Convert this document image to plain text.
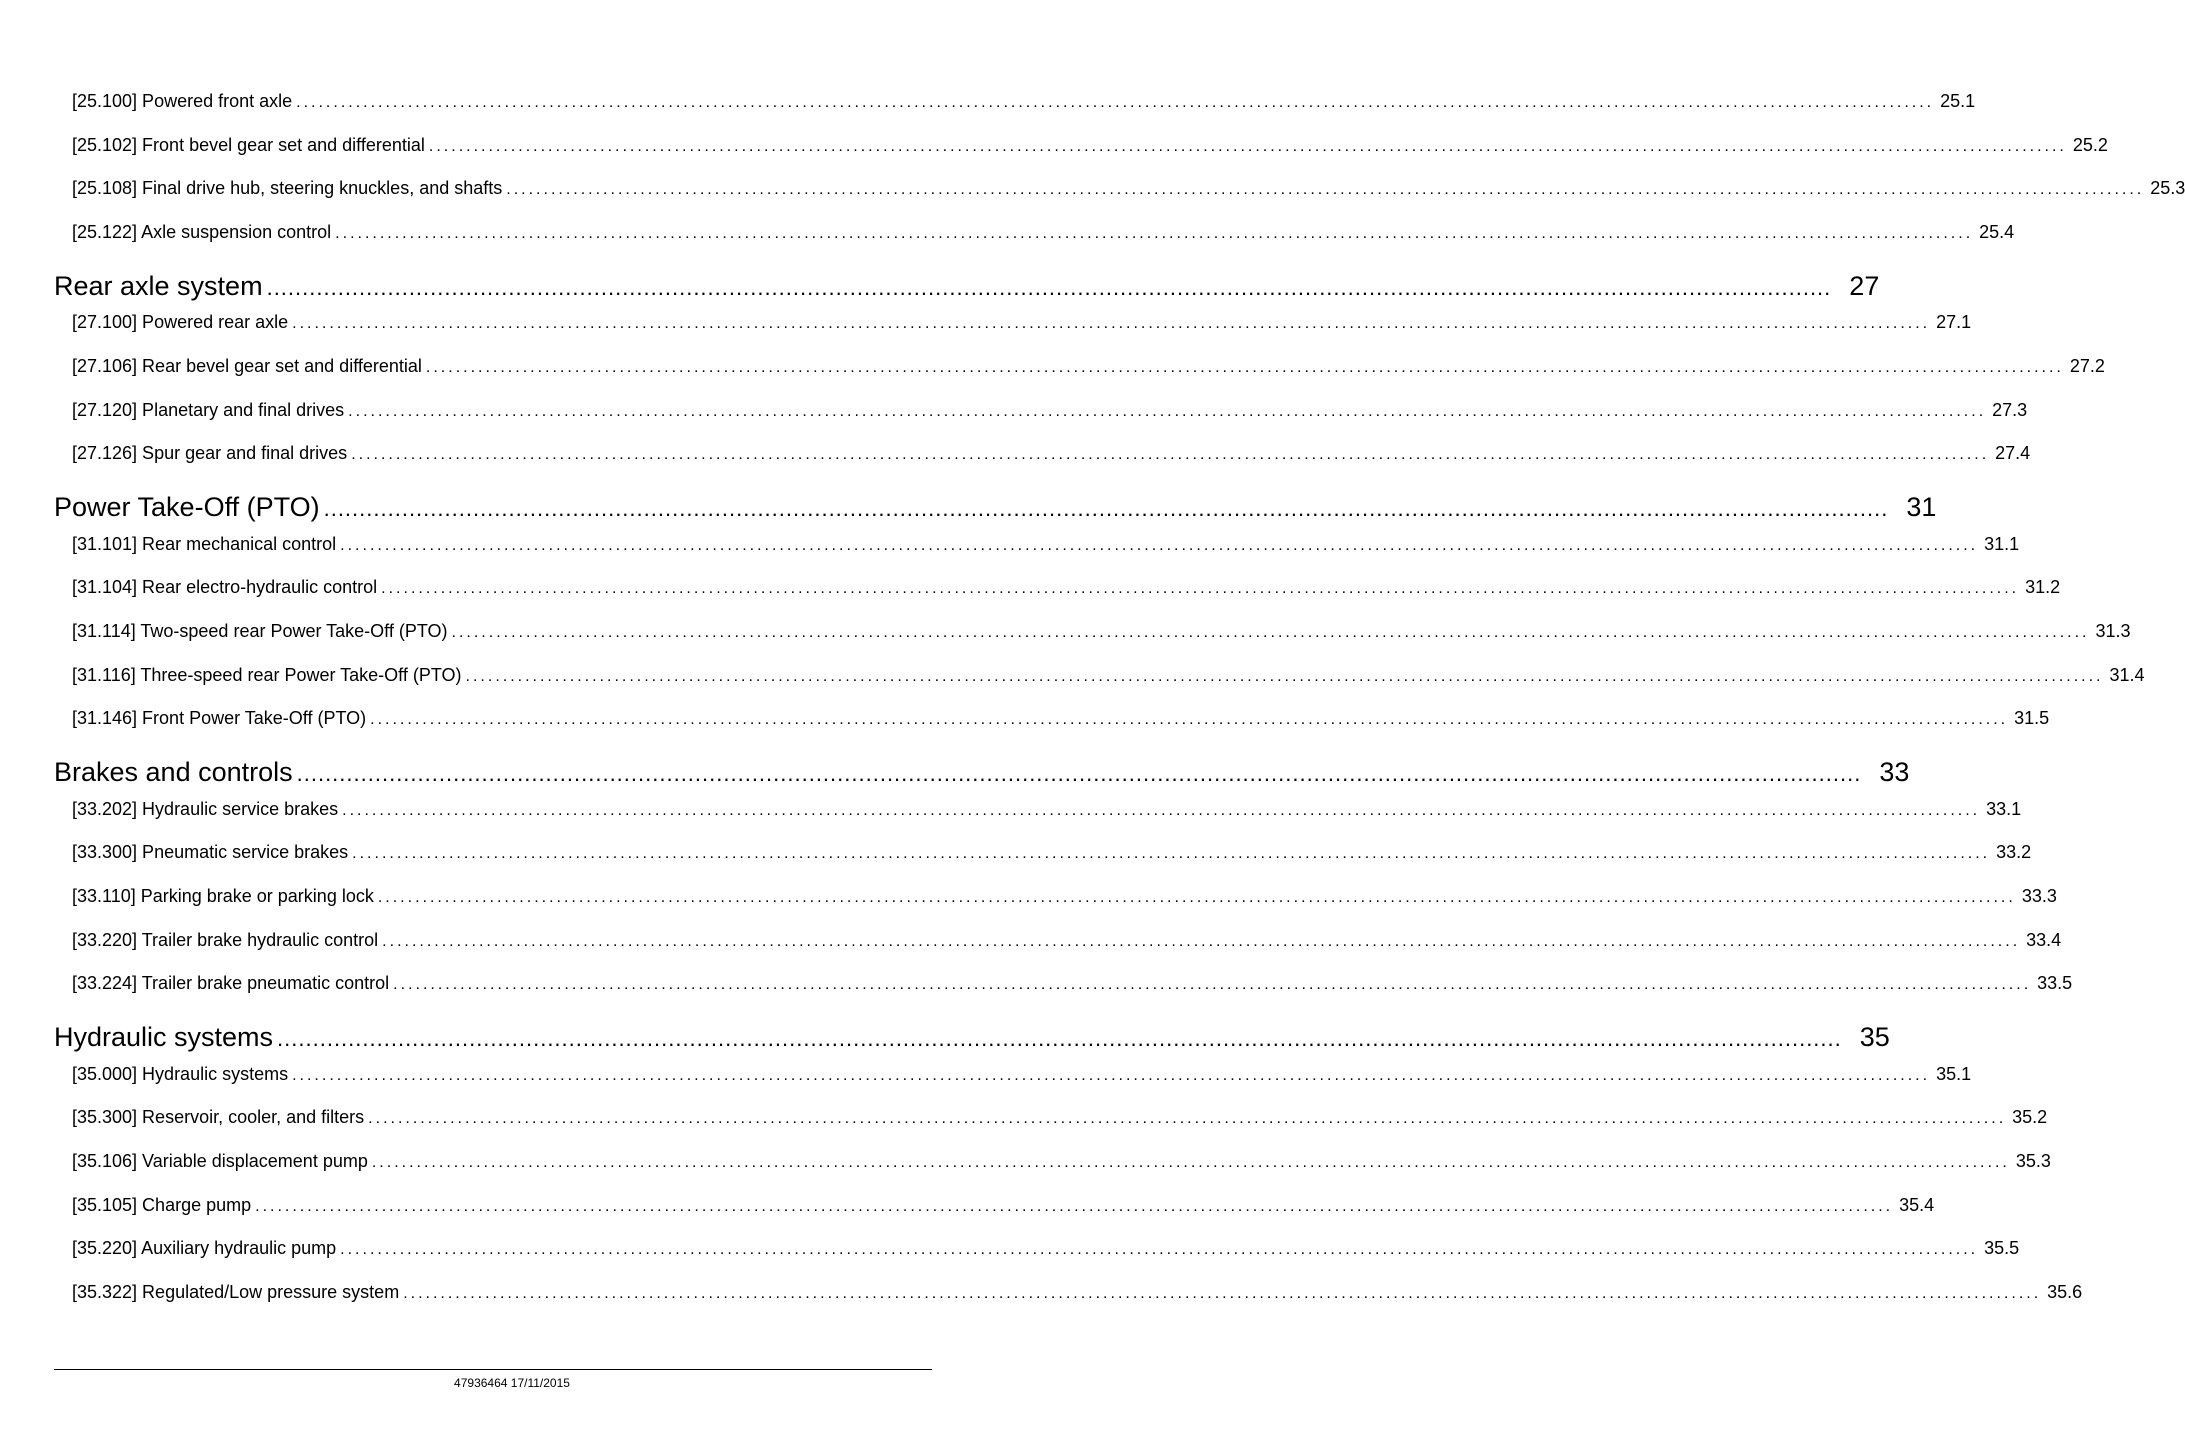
[25.100] Powered front axle ............................................................................................................................................................................................................................ 25.1
[25.102] Front bevel gear set and differential ............................................................................................................................................................................................................................ 25.2
[25.108] Final drive hub, steering knuckles, and shafts ............................................................................................................................................................................................................................ 25.3
[25.122] Axle suspension control ............................................................................................................................................................................................................................ 25.4
Rear axle system ............................................................................................................................................................................................................................ 27
[27.100] Powered rear axle ............................................................................................................................................................................................................................ 27.1
[27.106] Rear bevel gear set and differential ............................................................................................................................................................................................................................ 27.2
[27.120] Planetary and final drives ............................................................................................................................................................................................................................ 27.3
[27.126] Spur gear and final drives ............................................................................................................................................................................................................................ 27.4
Power Take-Off (PTO) ............................................................................................................................................................................................................................ 31
[31.101] Rear mechanical control ............................................................................................................................................................................................................................ 31.1
[31.104] Rear electro-hydraulic control ............................................................................................................................................................................................................................ 31.2
[31.114] Two-speed rear Power Take-Off (PTO) ............................................................................................................................................................................................................................ 31.3
[31.116] Three-speed rear Power Take-Off (PTO) ............................................................................................................................................................................................................................ 31.4
[31.146] Front Power Take-Off (PTO) ............................................................................................................................................................................................................................ 31.5
Brakes and controls ............................................................................................................................................................................................................................ 33
[33.202] Hydraulic service brakes ............................................................................................................................................................................................................................ 33.1
[33.300] Pneumatic service brakes ............................................................................................................................................................................................................................ 33.2
[33.110] Parking brake or parking lock ............................................................................................................................................................................................................................ 33.3
[33.220] Trailer brake hydraulic control ............................................................................................................................................................................................................................ 33.4
[33.224] Trailer brake pneumatic control ............................................................................................................................................................................................................................ 33.5
Hydraulic systems ............................................................................................................................................................................................................................ 35
[35.000] Hydraulic systems ............................................................................................................................................................................................................................ 35.1
[35.300] Reservoir, cooler, and filters ............................................................................................................................................................................................................................ 35.2
[35.106] Variable displacement pump ............................................................................................................................................................................................................................ 35.3
[35.105] Charge pump ............................................................................................................................................................................................................................ 35.4
[35.220] Auxiliary hydraulic pump ............................................................................................................................................................................................................................ 35.5
[35.322] Regulated/Low pressure system ............................................................................................................................................................................................................................ 35.6
47936464 17/11/2015
